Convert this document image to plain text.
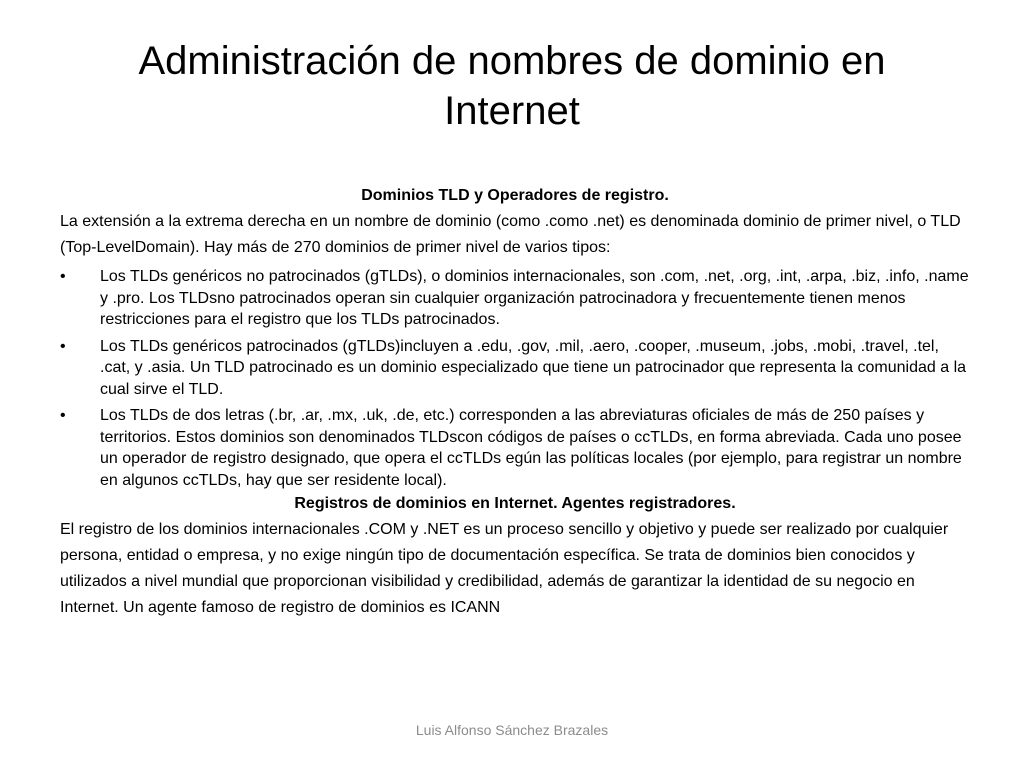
Administración de nombres de dominio en Internet
Dominios TLD y Operadores de registro.

La extensión a la extrema derecha en un nombre de dominio (como .como .net) es denominada dominio de primer nivel, o TLD (Top-LevelDomain). Hay más de 270 dominios de primer nivel de varios tipos:

• Los TLDs genéricos no patrocinados (gTLDs), o dominios internacionales, son .com, .net, .org, .int, .arpa, .biz, .info, .name y .pro. Los TLDsno patrocinados operan sin cualquier organización patrocinadora y frecuentemente tienen menos restricciones para el registro que los TLDs patrocinados.
• Los TLDs genéricos patrocinados (gTLDs)incluyen a .edu, .gov, .mil, .aero, .cooper, .museum, .jobs, .mobi, .travel, .tel, .cat, y .asia. Un TLD patrocinado es un dominio especializado que tiene un patrocinador que representa la comunidad a la cual sirve el TLD.
• Los TLDs de dos letras (.br, .ar, .mx, .uk, .de, etc.) corresponden a las abreviaturas oficiales de más de 250 países y territorios. Estos dominios son denominados TLDscon códigos de países o ccTLDs, en forma abreviada. Cada uno posee un operador de registro designado, que opera el ccTLDs egún las políticas locales (por ejemplo, para registrar un nombre en algunos ccTLDs, hay que ser residente local).
Registros de dominios en Internet. Agentes registradores.

El registro de los dominios internacionales .COM y .NET es un proceso sencillo y objetivo y puede ser realizado por cualquier persona, entidad o empresa, y no exige ningún tipo de documentación específica. Se trata de dominios bien conocidos y utilizados a nivel mundial que proporcionan visibilidad y credibilidad, además de garantizar la identidad de su negocio en Internet. Un agente famoso de registro de dominios es ICANN

Luis Alfonso Sánchez Brazales
